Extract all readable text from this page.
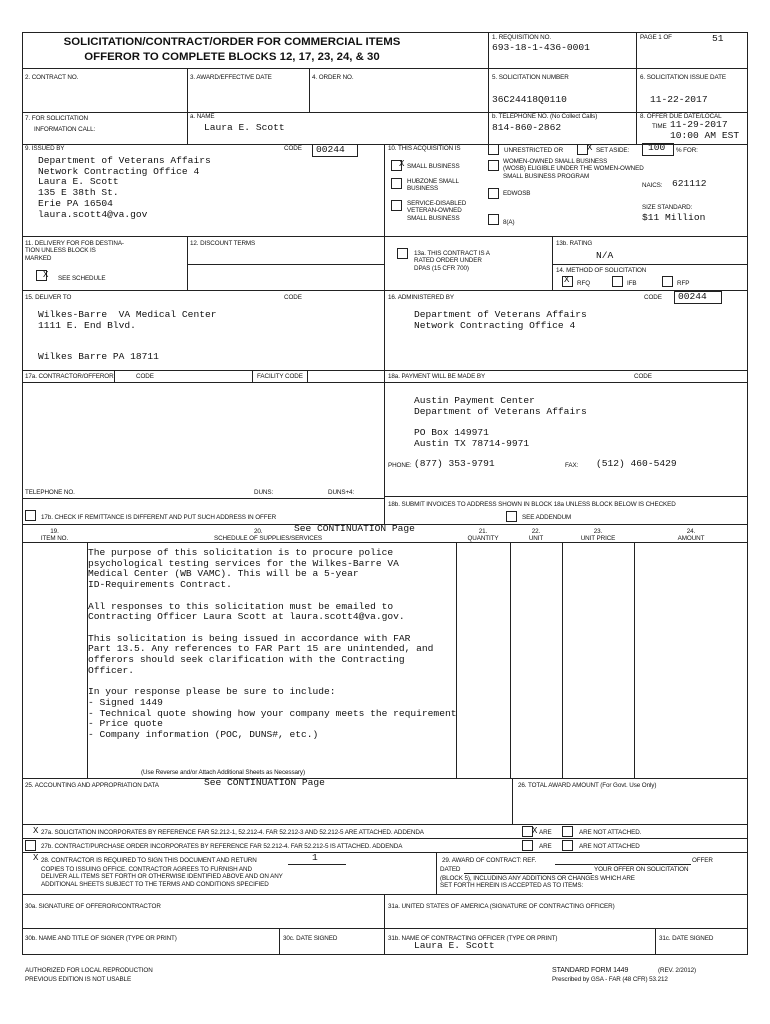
SOLICITATION/CONTRACT/ORDER FOR COMMERCIAL ITEMS
OFFEROR TO COMPLETE BLOCKS 12, 17, 23, 24, & 30
1. REQUISITION NO.
693-18-1-436-0001
PAGE 1 OF	51
2. CONTRACT NO.	3. AWARD/EFFECTIVE DATE	4. ORDER NO.	5. SOLICITATION NUMBER
36C24418Q0110
6. SOLICITATION ISSUE DATE
11-22-2017
7. FOR SOLICITATION
INFORMATION CALL:
a. NAME
Laura E. Scott
b. TELEPHONE NO. (No Collect Calls)
814-860-2862
8. OFFER DUE DATE/LOCAL
TIME 11-29-2017
10:00 AM EST
9. ISSUED BY	CODE 00244
Department of Veterans Affairs
Network Contracting Office 4
Laura E. Scott
135 E 38th St.
Erie PA 16504
laura.scott4@va.gov
10. THIS ACQUISITION IS	UNRESTRICTED OR	X SET ASIDE: 100 % FOR:
X SMALL BUSINESS
HUBZONE SMALL
BUSINESS
SERVICE-DISABLED
VETERAN-OWNED
SMALL BUSINESS
WOMEN-OWNED SMALL BUSINESS
(WOSB) ELIGIBLE UNDER THE WOMEN-OWNED
SMALL BUSINESS PROGRAM
EDWOSB
8(A)
NAICS: 621112
SIZE STANDARD:
$11 Million
11. DELIVERY FOR FOB DESTINA-
TION UNLESS BLOCK IS
MARKED
X SEE SCHEDULE
12. DISCOUNT TERMS
13a. THIS CONTRACT IS A
RATED ORDER UNDER
DPAS (15 CFR 700)
13b. RATING
N/A
14. METHOD OF SOLICITATION
X RFQ	IFB	RFP
15. DELIVER TO	CODE
Wilkes-Barre  VA Medical Center
1111 E. End Blvd.
Wilkes Barre PA 18711
16. ADMINISTERED BY	CODE 00244
Department of Veterans Affairs
Network Contracting Office 4
17a. CONTRACTOR/OFFEROR	CODE	FACILITY CODE
TELEPHONE NO.	DUNS:	DUNS+4:
17b. CHECK IF REMITTANCE IS DIFFERENT AND PUT SUCH ADDRESS IN OFFER
18a. PAYMENT WILL BE MADE BY	CODE
Austin Payment Center
Department of Veterans Affairs

PO Box 149971
Austin TX 78714-9971
PHONE: (877) 353-9791	FAX: (512) 460-5429
18b. SUBMIT INVOICES TO ADDRESS SHOWN IN BLOCK 18a UNLESS BLOCK BELOW IS CHECKED
SEE ADDENDUM
19.
ITEM NO.
20.	See CONTINUATION Page
SCHEDULE OF SUPPLIES/SERVICES
21.
QUANTITY
22.
UNIT
23.
UNIT PRICE
24.
AMOUNT
The purpose of this solicitation is to procure police
psychological testing services for the Wilkes-Barre VA
Medical Center (WB VAMC). This will be a 5-year
ID-Requirements Contract.

All responses to this solicitation must be emailed to
Contracting Officer Laura Scott at laura.scott4@va.gov.

This solicitation is being issued in accordance with FAR
Part 13.5. Any references to FAR Part 15 are unintended, and
offerors should seek clarification with the Contracting
Officer.

In your response please be sure to include:
- Signed 1449
- Technical quote showing how your company meets the requirement
- Price quote
- Company information (POC, DUNS#, etc.)
(Use Reverse and/or Attach Additional Sheets as Necessary)
25. ACCOUNTING AND APPROPRIATION DATA	See CONTINUATION Page	26. TOTAL AWARD AMOUNT (For Govt. Use Only)
X 27a. SOLICITATION INCORPORATES BY REFERENCE FAR 52.212-1, 52.212-4. FAR 52.212-3 AND 52.212-5 ARE ATTACHED. ADDENDA	X ARE	ARE NOT ATTACHED.
27b. CONTRACT/PURCHASE ORDER INCORPORATES BY REFERENCE FAR 52.212-4. FAR 52.212-5 IS ATTACHED. ADDENDA	ARE	ARE NOT ATTACHED
X 28. CONTRACTOR IS REQUIRED TO SIGN THIS DOCUMENT AND RETURN	1
COPIES TO ISSUING OFFICE. CONTRACTOR AGREES TO FURNISH AND
DELIVER ALL ITEMS SET FORTH OR OTHERWISE IDENTIFIED ABOVE AND ON ANY
ADDITIONAL SHEETS SUBJECT TO THE TERMS AND CONDITIONS SPECIFIED
29. AWARD OF CONTRACT: REF.	OFFER
DATED	YOUR OFFER ON SOLICITATION
(BLOCK 5), INCLUDING ANY ADDITIONS OR CHANGES WHICH ARE
SET FORTH HEREIN IS ACCEPTED AS TO ITEMS:
30a. SIGNATURE OF OFFEROR/CONTRACTOR	31a. UNITED STATES OF AMERICA (SIGNATURE OF CONTRACTING OFFICER)
30b. NAME AND TITLE OF SIGNER (TYPE OR PRINT)	30c. DATE SIGNED	31b. NAME OF CONTRACTING OFFICER (TYPE OR PRINT)
Laura E. Scott
31c. DATE SIGNED
AUTHORIZED FOR LOCAL REPRODUCTION
PREVIOUS EDITION IS NOT USABLE
STANDARD FORM 1449	(REV. 2/2012)
Prescribed by GSA - FAR (48 CFR) 53.212
